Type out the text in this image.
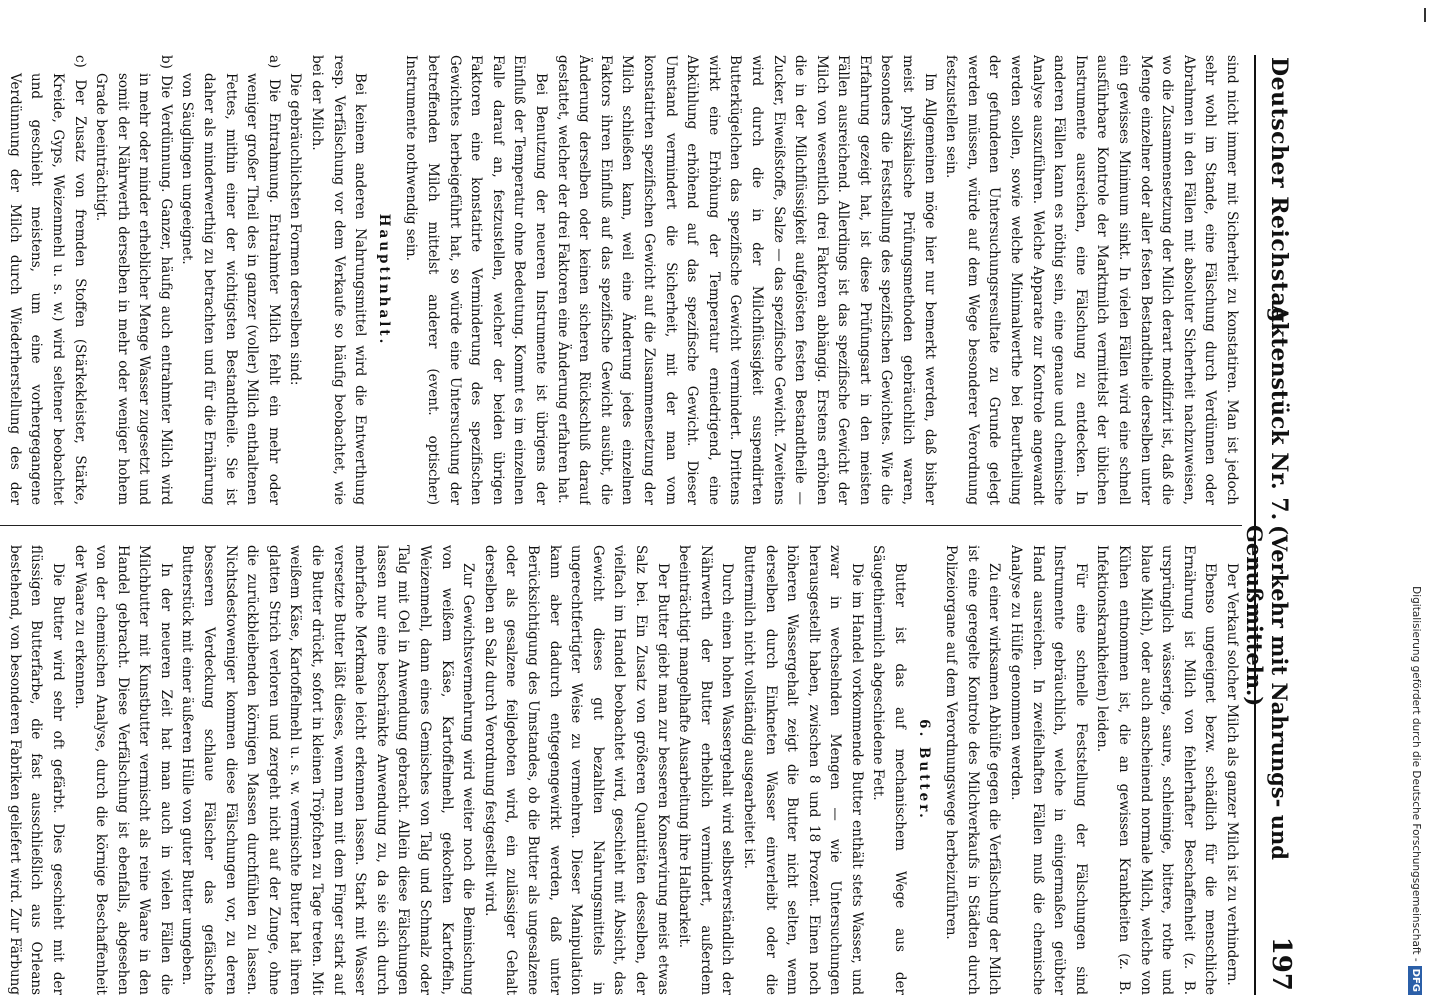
Deutscher Reichstag.
Aktenstück Nr. 7.
(Verkehr mit Nahrungs- und Genußmitteln.)
197

sind nicht immer mit Sicherheit zu konstatiren. Man ist jedoch sehr wohl im Stande, eine Fälschung durch Verdünnen oder Abrahmen in den Fällen mit absoluter Sicherheit nachzuweisen, wo die Zusammensetzung der Milch derart modifizirt ist, daß die Menge einzelner oder aller festen Bestandtheile derselben unter ein gewisses Minimum sinkt. In vielen Fällen wird eine schnell ausführbare Kontrole der Marktmilch vermittelst der üblichen Instrumente ausreichen, eine Fälschung zu entdecken. In anderen Fällen kann es nöthig sein, eine genaue und chemische Analyse auszuführen. Welche Apparate zur Kontrole angewandt werden sollen, sowie welche Minimalwerthe bei Beurtheilung der gefundenen Untersuchungsresultate zu Grunde gelegt werden müssen, würde auf dem Wege besonderer Verordnung festzustellen sein.

Im Allgemeinen möge hier nur bemerkt werden, daß bisher meist physikalische Prüfungsmethoden gebräuchlich waren, besonders die Feststellung des spezifischen Gewichtes. Wie die Erfahrung gezeigt hat, ist diese Prüfungsart in den meisten Fällen ausreichend. Allerdings ist das spezifische Gewicht der Milch von wesentlich drei Faktoren abhängig. Erstens erhöhen die in der Milchflüssigkeit aufgelösten festen Bestandtheile — Zucker, Eiweißstoffe, Salze — das spezifische Gewicht. Zweitens wird durch die in der Milchflüssigkeit suspendirten Butterkügelchen das spezifische Gewicht vermindert. Drittens wirkt eine Erhöhung der Temperatur erniedrigend, eine Abkühlung erhöhend auf das spezifische Gewicht. Dieser Umstand vermindert die Sicherheit, mit der man vom konstatirten spezifischen Gewicht auf die Zusammensetzung der Milch schließen kann, weil eine Änderung jedes einzelnen Faktors ihren Einfluß auf das spezifische Gewicht ausübt, die Änderung derselben oder keinen sicheren Rückschluß darauf gestattet, welcher der drei Faktoren eine Änderung erfahren hat.

Bei Benutzung der neueren Instrumente ist übrigens der Einfluß der Temperatur ohne Bedeutung. Kommt es im einzelnen Falle darauf an, festzustellen, welcher der beiden übrigen Faktoren eine konstatirte Verminderung des spezifischen Gewichtes herbeigeführt hat, so würde eine Untersuchung der betreffenden Milch mittelst anderer (event. optischer) Instrumente nothwendig sein.

Hauptinhalt.

Bei keinem anderen Nahrungsmittel wird die Entwerthung resp. Verfälschung vor dem Verkaufe so häufig beobachtet, wie bei der Milch.

Die gebräuchlichsten Formen derselben sind:

a) Die Entrahmung. Entrahmter Milch fehlt ein mehr oder weniger großer Theil des in ganzer (voller) Milch enthaltenen Fettes, mithin einer der wichtigsten Bestandtheile. Sie ist daher als minderwerthig zu betrachten und für die Ernährung von Säuglingen ungeeignet.

b) Die Verdünnung. Ganzer, häufig auch entrahmter Milch wird in mehr oder minder erheblicher Menge Wasser zugesetzt und somit der Nährwerth derselben in mehr oder weniger hohem Grade beeinträchtigt.

c) Der Zusatz von fremden Stoffen (Stärkekleister, Stärke, Kreide, Gyps, Weizenmehl u. s. w.) wird seltener beobachtet und geschieht meistens, um eine vorhergegangene Verdünnung der Milch durch Wiederherstellung des der

Der Verkauf solcher Milch als ganzer Milch ist zu verhindern.

Ebenso ungeeignet bezw. schädlich für die menschliche Ernährung ist Milch von fehlerhafter Beschaffenheit (z. B. ursprünglich wässerige, saure, schleimige, bittere, rothe und blaue Milch), oder auch anscheinend normale Milch, welche von Kühen entnommen ist, die an gewissen Krankheiten (z. B. Infektionskrankheiten) leiden.

Für eine schnelle Feststellung der Fälschungen sind Instrumente gebräuchlich, welche in einigermaßen geübter Hand ausreichen. In zweifelhaften Fällen muß die chemische Analyse zu Hülfe genommen werden.

Zu einer wirksamen Abhülfe gegen die Verfälschung der Milch ist eine geregelte Kontrole des Milchverkaufs in Städten durch Polizeiorgane auf dem Verordnungswege herbeizuführen.

6. Butter.

Butter ist das auf mechanischem Wege aus der Säugethiermilch abgeschiedene Fett.

Die im Handel vorkommende Butter enthält stets Wasser, und zwar in wechselnden Mengen — wie Untersuchungen herausgestellt haben, zwischen 8 und 18 Prozent. Einen noch höheren Wassergehalt zeigt die Butter nicht selten, wenn derselben durch Einkneten Wasser einverleibt oder die Buttermilch nicht vollständig ausgearbeitet ist.

Durch einen hohen Wassergehalt wird selbstverständlich der Nährwerth der Butter erheblich vermindert, außerdem beeinträchtigt mangelhafte Ausarbeitung ihre Haltbarkeit.

Der Butter giebt man zur besseren Konservirung meist etwas Salz bei. Ein Zusatz von größeren Quantitäten desselben, der vielfach im Handel beobachtet wird, geschieht mit Absicht, das Gewicht dieses gut bezahlten Nahrungsmittels in ungerechtfertigter Weise zu vermehren. Dieser Manipulation kann aber dadurch entgegengewirkt werden, daß unter Berücksichtigung des Umstandes, ob die Butter als ungesalzene oder als gesalzene feilgeboten wird, ein zulässiger Gehalt derselben an Salz durch Verordnung festgestellt wird.

Zur Gewichtsvermehrung wird weiter noch die Beimischung von weißem Käse, Kartoffelmehl, gekochten Kartoffeln, Weizenmehl, dann eines Gemisches von Talg und Schmalz oder Talg mit Oel in Anwendung gebracht. Allein diese Fälschungen lassen nur eine beschränkte Anwendung zu, da sie sich durch mehrfache Merkmale leicht erkennen lassen. Stark mit Wasser versetzte Butter läßt dieses, wenn man mit dem Finger stark auf die Butter drückt, sofort in kleinen Tröpfchen zu Tage treten. Mit weißem Käse, Kartoffelmehl u. s. w. vermischte Butter hat ihren glatten Strich verloren und zergeht nicht auf der Zunge, ohne die zurückbleibenden körnigen Massen durchfühlen zu lassen. Nichtsdestoweniger kommen diese Fälschungen vor, zu deren besseren Verdeckung schlaue Fälscher das gefälschte Butterstück mit einer äußeren Hülle von guter Butter umgeben.

In der neueren Zeit hat man auch in vielen Fällen die Milchbutter mit Kunstbutter vermischt als reine Waare in den Handel gebracht. Diese Verfälschung ist ebenfalls, abgesehen von der chemischen Analyse, durch die körnige Beschaffenheit der Waare zu erkennen.

Die Butter wird sehr oft gefärbt. Dies geschieht mit der flüssigen Butterfarbe, die fast ausschließlich aus Orleans bestehend, von besonderen Fabriken geliefert wird. Zur Färbung

Digitalisierung gefördert durch die Deutsche Forschungsgemeinschaft -DFG
